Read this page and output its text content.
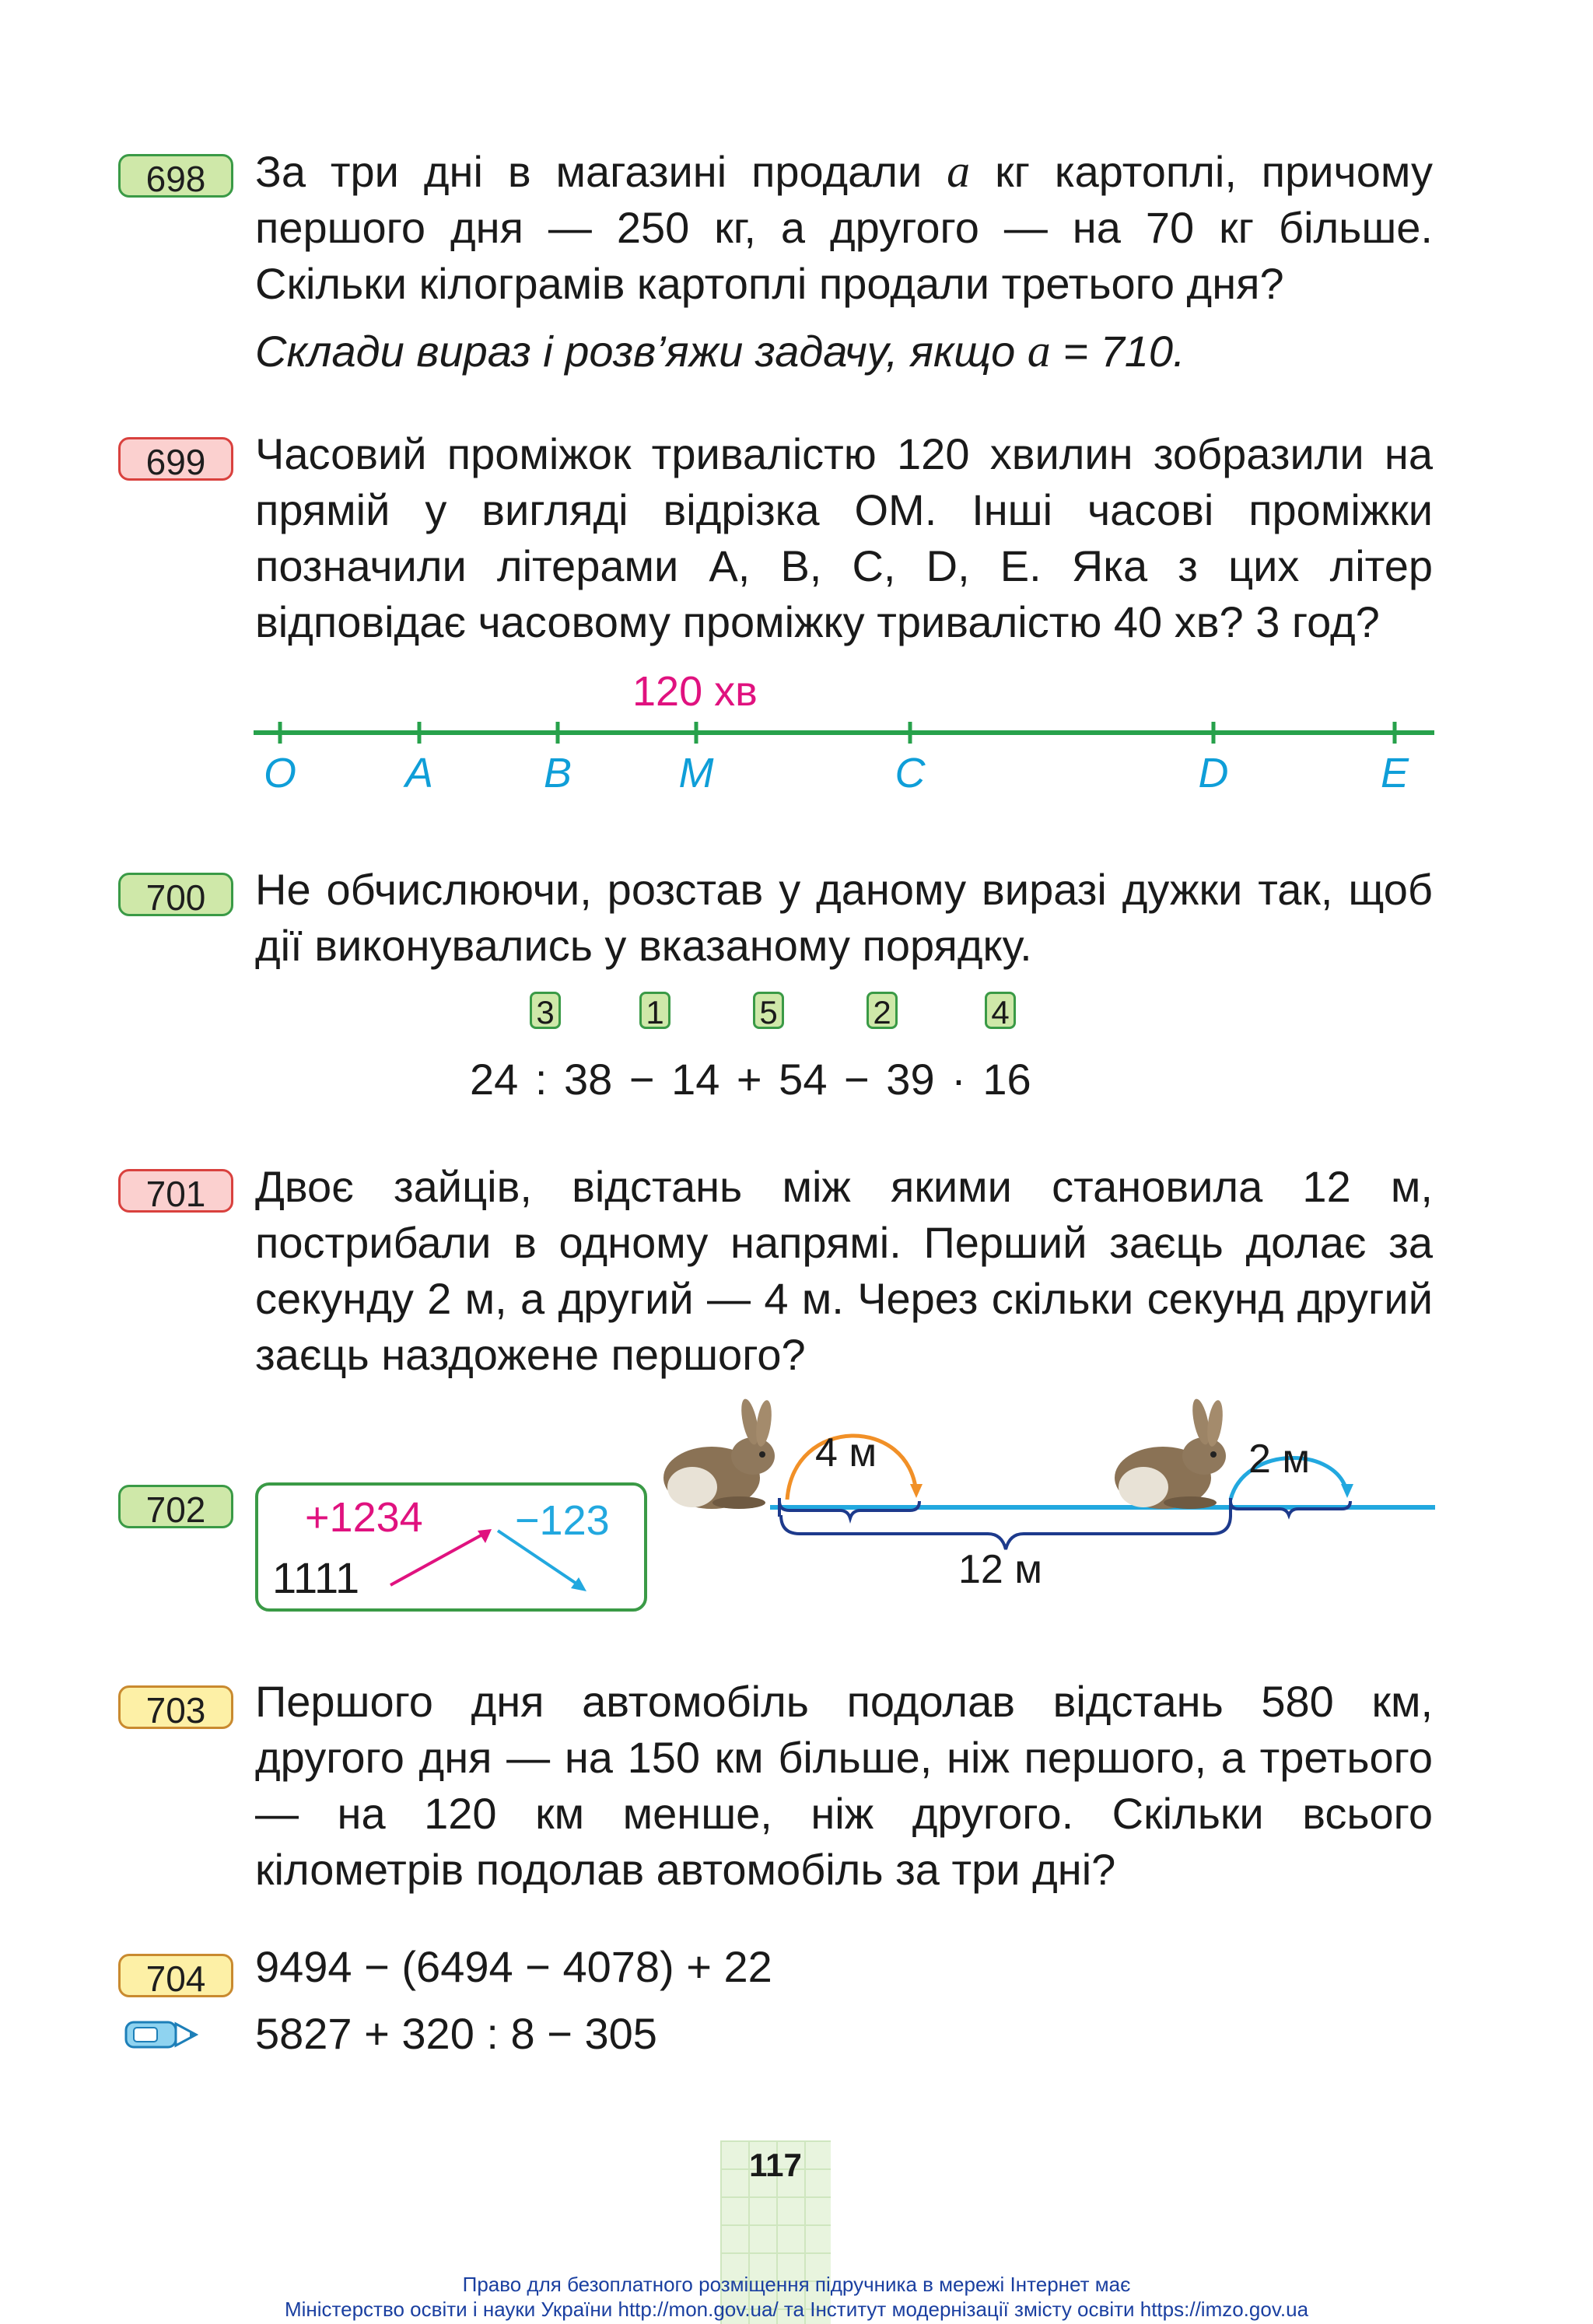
698	За три дні в магазині продали a кг картоплі, причому першого дня — 250 кг, а другого — на 70 кг більше. Скільки кілограмів картоплі продали третього дня?

Склади вираз і розв’яжи задачу, якщо a = 710.

699	Часовий проміжок тривалістю 120 хвилин зобразили на прямій у вигляді відрізка ОМ. Інші часові проміжки позначили літерами А, В, С, D, E. Яка з цих літер відповідає часовому проміжку тривалістю 40 хв? 3 год?
120 хв
O	A	B	M	C	D	E
700	Не обчислюючи, розстав у даному виразі дужки так, щоб дії виконувались у вказаному порядку.
3	1	5	2	4
24 : 38 − 14 + 54 − 39 · 16
701	Двоє зайців, відстань між якими становила 12 м, пострибали в одному напрямі. Перший заєць долає за секунду 2 м, а другий — 4 м. Через скільки секунд другий заєць наздожене першого?
4 м	2 м
12 м
702	+1234 −123
1111
703	Першого дня автомобіль подолав відстань 580 км, другого дня — на 150 км більше, ніж першого, а третього — на 120 км менше, ніж другого. Скільки всього кілометрів подолав автомобіль за три дні?
704	9494 − (6494 − 4078) + 22
5827 + 320 : 8 − 305
117
Право для безоплатного розміщення підручника в мережі Інтернет має
Міністерство освіти і науки України http://mon.gov.ua/ та Інститут модернізації змісту освіти https://imzo.gov.ua
